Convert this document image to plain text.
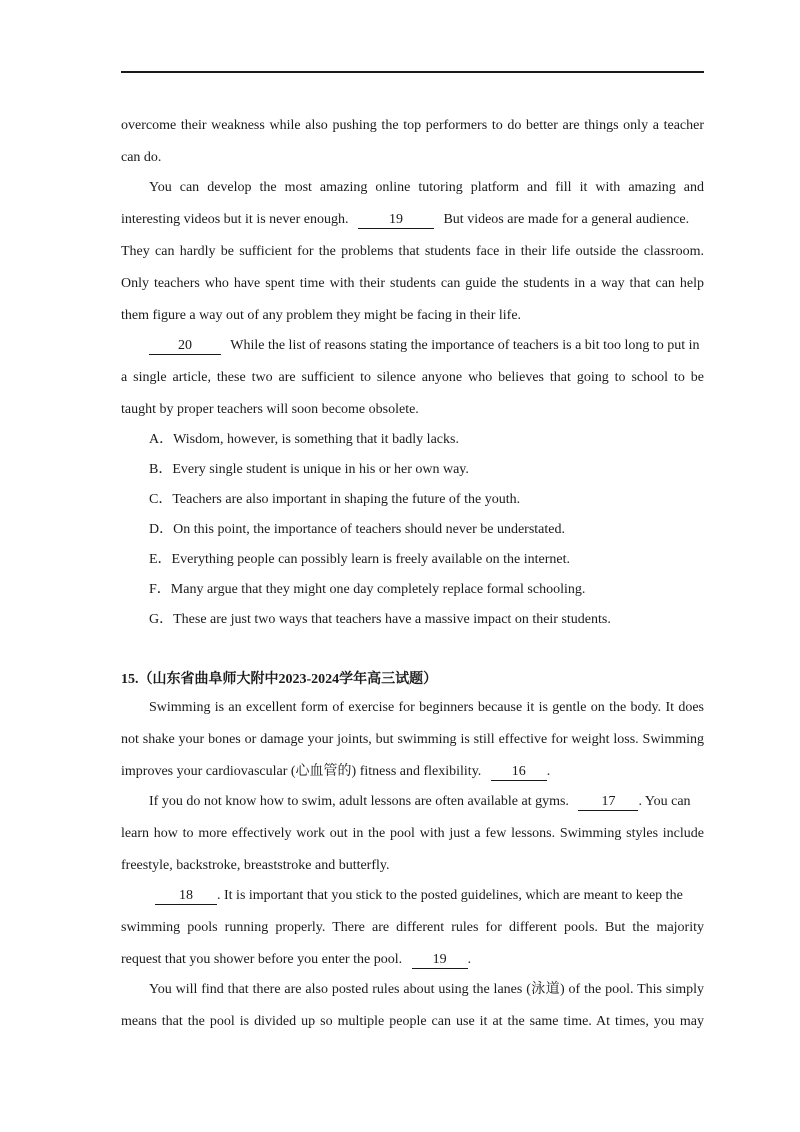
overcome their weakness while also pushing the top performers to do better are things only a teacher
can do.
You can develop the most amazing online tutoring platform and fill it with amazing and
interesting videos but it is never enough.	19	But videos are made for a general audience.
They can hardly be sufficient for the problems that students face in their life outside the classroom.
Only teachers who have spent time with their students can guide the students in a way that can help
them figure a way out of any problem they might be facing in their life.
20	While the list of reasons stating the importance of teachers is a bit too long to put in
a single article, these two are sufficient to silence anyone who believes that going to school to be
taught by proper teachers will soon become obsolete.
A．Wisdom, however, is something that it badly lacks.
B．Every single student is unique in his or her own way.
C．Teachers are also important in shaping the future of the youth.
D．On this point, the importance of teachers should never be understated.
E．Everything people can possibly learn is freely available on the internet.
F．Many argue that they might one day completely replace formal schooling.
G．These are just two ways that teachers have a massive impact on their students.
15.（山东省曲阜师大附中2023-2024学年高三试题）
Swimming is an excellent form of exercise for beginners because it is gentle on the body. It does
not shake your bones or damage your joints, but swimming is still effective for weight loss. Swimming
improves your cardiovascular (心血管的) fitness and flexibility. 16 .
If you do not know how to swim, adult lessons are often available at gyms. 17 . You can
learn how to more effectively work out in the pool with just a few lessons. Swimming styles include
freestyle, backstroke, breaststroke and butterfly.
18 . It is important that you stick to the posted guidelines, which are meant to keep the
swimming pools running properly. There are different rules for different pools. But the majority
request that you shower before you enter the pool. 19 .
You will find that there are also posted rules about using the lanes (泳道) of the pool. This simply
means that the pool is divided up so multiple people can use it at the same time. At times, you may
